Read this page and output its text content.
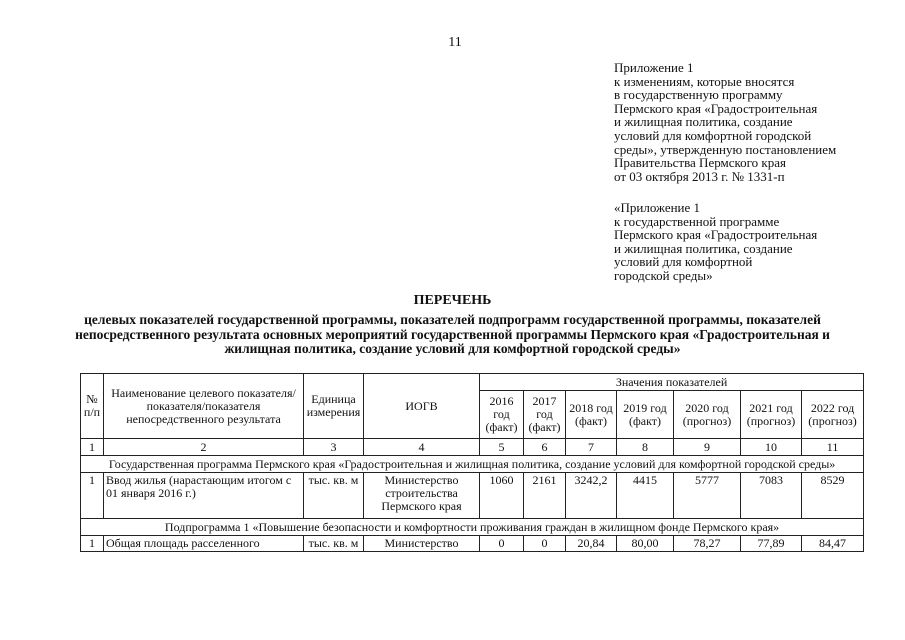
11

Приложение 1
к изменениям, которые вносятся
в государственную программу
Пермского края «Градостроительная
и жилищная политика, создание
условий для комфортной городской
среды», утвержденную постановлением
Правительства Пермского края
от 03 октября 2013 г. № 1331-п

«Приложение 1
к государственной программе
Пермского края «Градостроительная
и жилищная политика, создание
условий для комфортной
городской среды»

ПЕРЕЧЕНЬ
целевых показателей государственной программы, показателей подпрограмм государственной программы, показателей непосредственного результата основных мероприятий государственной программы Пермского края «Градостроительная и жилищная политика, создание условий для комфортной городской среды»
№ п/п	Наименование целевого показателя/показателя/показателя непосредственного результата	Единица измерения	ИОГВ	Значения показателей						
				2016 год (факт)	2017 год (факт)	2018 год (факт)	2019 год (факт)	2020 год (прогноз)	2021 год (прогноз)	2022 год (прогноз)
1	2	3	4	5	6	7	8	9	10	11
Государственная программа Пермского края «Градостроительная и жилищная политика, создание условий для комфортной городской среды»										
1	Ввод жилья (нарастающим итогом с 01 января 2016 г.)	тыс. кв. м	Министерство строительства Пермского края	1060	2161	3242,2	4415	5777	7083	8529
Подпрограмма 1 «Повышение безопасности и комфортности проживания граждан в жилищном фонде Пермского края»										
1	Общая площадь расселенного	тыс. кв. м	Министерство	0	0	20,84	80,00	78,27	77,89	84,47
